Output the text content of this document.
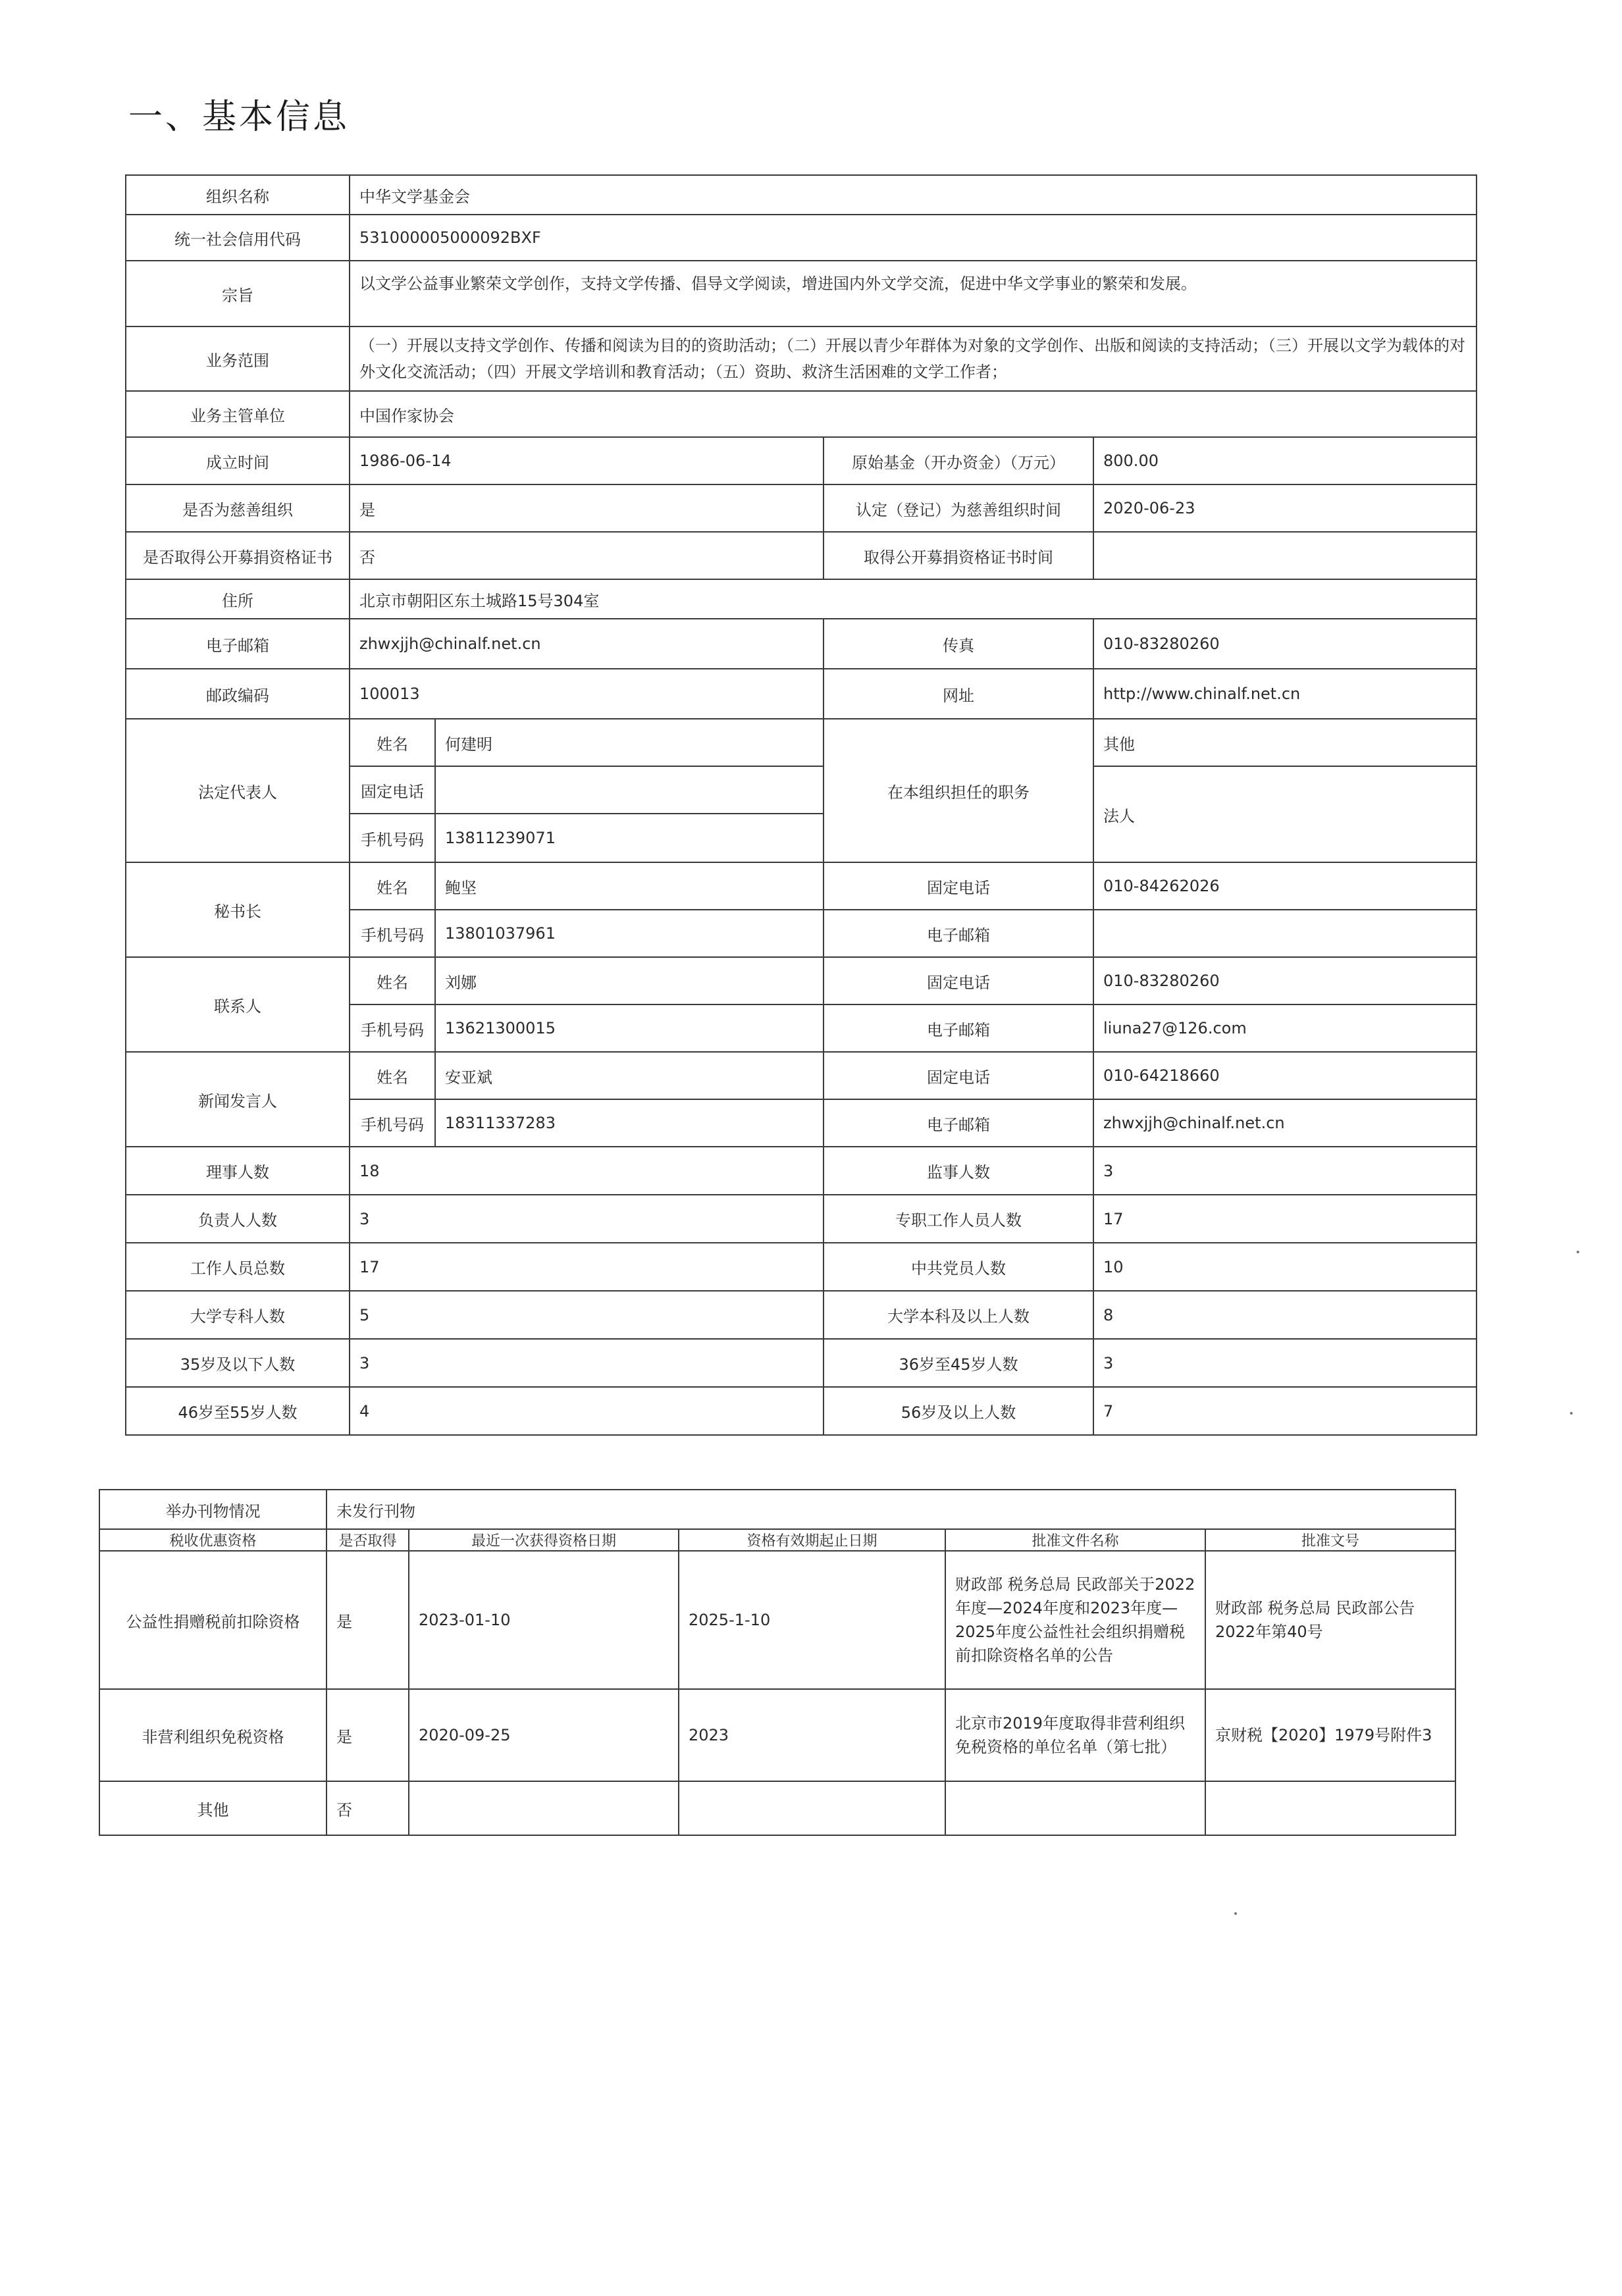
一、基本信息
组织名称	中华文学基金会			
统一社会信用代码	531000005000092BXF			
宗旨	以文学公益事业繁荣文学创作，支持文学传播、倡导文学阅读，增进国内外文学交流，促进中华文学事业的繁荣和发展。			
业务范围	（一）开展以支持文学创作、传播和阅读为目的的资助活动；（二）开展以青少年群体为对象的文学创作、出版和阅读的支持活动；（三）开展以文学为载体的对外文化交流活动；（四）开展文学培训和教育活动；（五）资助、救济生活困难的文学工作者；			
业务主管单位	中国作家协会			
成立时间	1986-06-14		原始基金（开办资金）（万元）	800.00
是否为慈善组织	是		认定（登记）为慈善组织时间	2020-06-23
是否取得公开募捐资格证书	否		取得公开募捐资格证书时间	
住所	北京市朝阳区东土城路15号304室			
电子邮箱	zhwxjjh@chinalf.net.cn		传真	010-83280260
邮政编码	100013		网址	http://www.chinalf.net.cn
法定代表人	姓名	何建明	在本组织担任的职务	其他
	固定电话			法人
	手机号码	13811239071		
秘书长	姓名	鲍坚	固定电话	010-84262026
	手机号码	13801037961	电子邮箱	
联系人	姓名	刘娜	固定电话	010-83280260
	手机号码	13621300015	电子邮箱	liuna27@126.com
新闻发言人	姓名	安亚斌	固定电话	010-64218660
	手机号码	18311337283	电子邮箱	zhwxjjh@chinalf.net.cn
理事人数	18		监事人数	3
负责人人数	3		专职工作人员人数	17
工作人员总数	17		中共党员人数	10
大学专科人数	5		大学本科及以上人数	8
35岁及以下人数	3		36岁至45岁人数	3
46岁至55岁人数	4		56岁及以上人数	7
举办刊物情况	未发行刊物				
税收优惠资格	是否取得	最近一次获得资格日期	资格有效期起止日期	批准文件名称	批准文号
公益性捐赠税前扣除资格	是	2023-01-10	2025-1-10	财政部 税务总局 民政部关于2022年度—2024年度和2023年度—2025年度公益性社会组织捐赠税前扣除资格名单的公告	财政部 税务总局 民政部公告2022年第40号
非营利组织免税资格	是	2020-09-25	2023	北京市2019年度取得非营利组织免税资格的单位名单（第七批）	京财税【2020】1979号附件3
其他	否				
